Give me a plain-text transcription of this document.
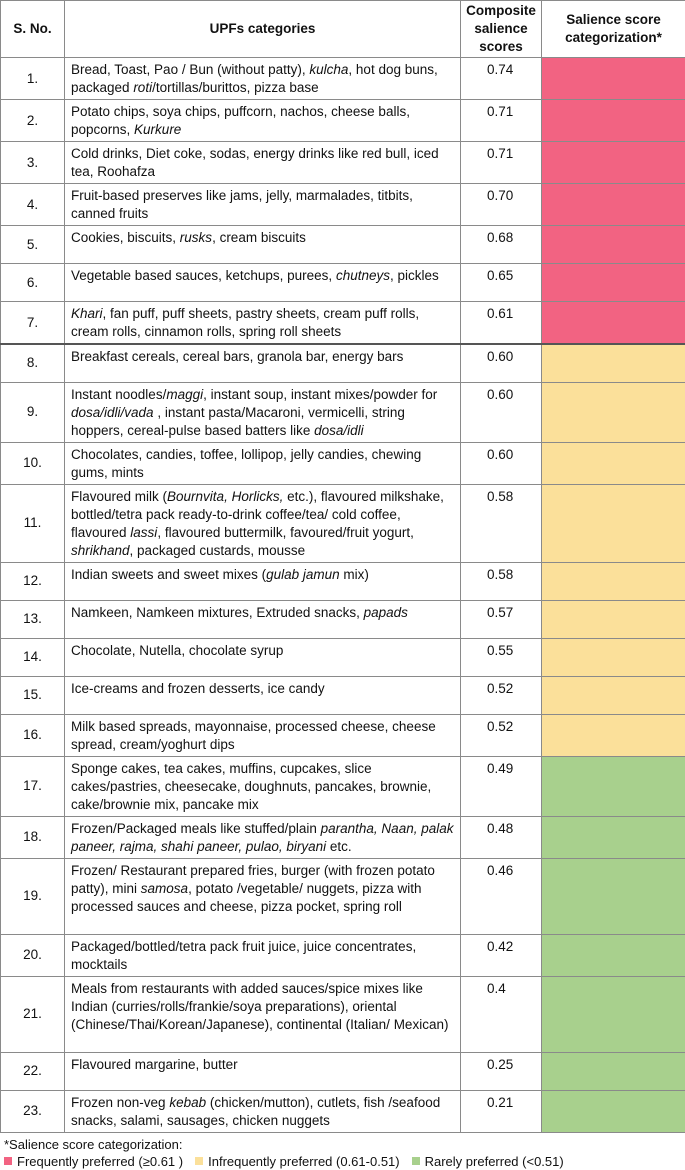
S. No.	UPFs categories	Composite salience scores	Salience score categorization*
1.	Bread, Toast, Pao / Bun (without patty), kulcha, hot dog buns, packaged roti/tortillas/burittos, pizza base	0.74	
2.	Potato chips, soya chips, puffcorn, nachos, cheese balls, popcorns, Kurkure	0.71	
3.	Cold drinks, Diet coke, sodas, energy drinks like red bull, iced tea, Roohafza	0.71	
4.	Fruit-based preserves like jams, jelly, marmalades, titbits, canned fruits	0.70	
5.	Cookies, biscuits, rusks, cream biscuits	0.68	
6.	Vegetable based sauces, ketchups, purees, chutneys, pickles	0.65	
7.	Khari, fan puff, puff sheets, pastry sheets, cream puff rolls, cream rolls, cinnamon rolls, spring roll sheets	0.61	
8.	Breakfast cereals, cereal bars, granola bar, energy bars	0.60	
9.	Instant noodles/maggi, instant soup, instant mixes/powder for dosa/idli/vada , instant pasta/Macaroni, vermicelli, string hoppers, cereal-pulse based batters like dosa/idli	0.60	
10.	Chocolates, candies, toffee, lollipop, jelly candies, chewing gums, mints	0.60	
11.	Flavoured milk (Bournvita, Horlicks, etc.), flavoured milkshake, bottled/tetra pack ready-to-drink coffee/tea/ cold coffee, flavoured lassi, flavoured buttermilk, favoured/fruit yogurt, shrikhand, packaged custards, mousse	0.58	
12.	Indian sweets and sweet mixes (gulab jamun mix)	0.58	
13.	Namkeen, Namkeen mixtures, Extruded snacks, papads	0.57	
14.	Chocolate, Nutella, chocolate syrup	0.55	
15.	Ice-creams and frozen desserts, ice candy	0.52	
16.	Milk based spreads, mayonnaise, processed cheese, cheese spread, cream/yoghurt dips	0.52	
17.	Sponge cakes, tea cakes, muffins, cupcakes, slice cakes/pastries, cheesecake, doughnuts, pancakes, brownie, cake/brownie mix, pancake mix	0.49	
18.	Frozen/Packaged meals like stuffed/plain parantha, Naan, palak paneer, rajma, shahi paneer, pulao, biryani etc.	0.48	
19.	Frozen/ Restaurant prepared fries, burger (with frozen potato patty), mini samosa, potato /vegetable/ nuggets, pizza with processed sauces and cheese, pizza pocket, spring roll	0.46	
20.	Packaged/bottled/tetra pack fruit juice, juice concentrates, mocktails	0.42	
21.	Meals from restaurants with added sauces/spice mixes like Indian (curries/rolls/frankie/soya preparations), oriental (Chinese/Thai/Korean/Japanese), continental (Italian/ Mexican)	0.4	
22.	Flavoured margarine, butter	0.25	
23.	Frozen non-veg kebab (chicken/mutton), cutlets, fish /seafood snacks, salami, sausages, chicken nuggets	0.21	
*Salience score categorization:
Frequently preferred (≥0.61 ) Infrequently preferred (0.61-0.51) Rarely preferred (<0.51)
